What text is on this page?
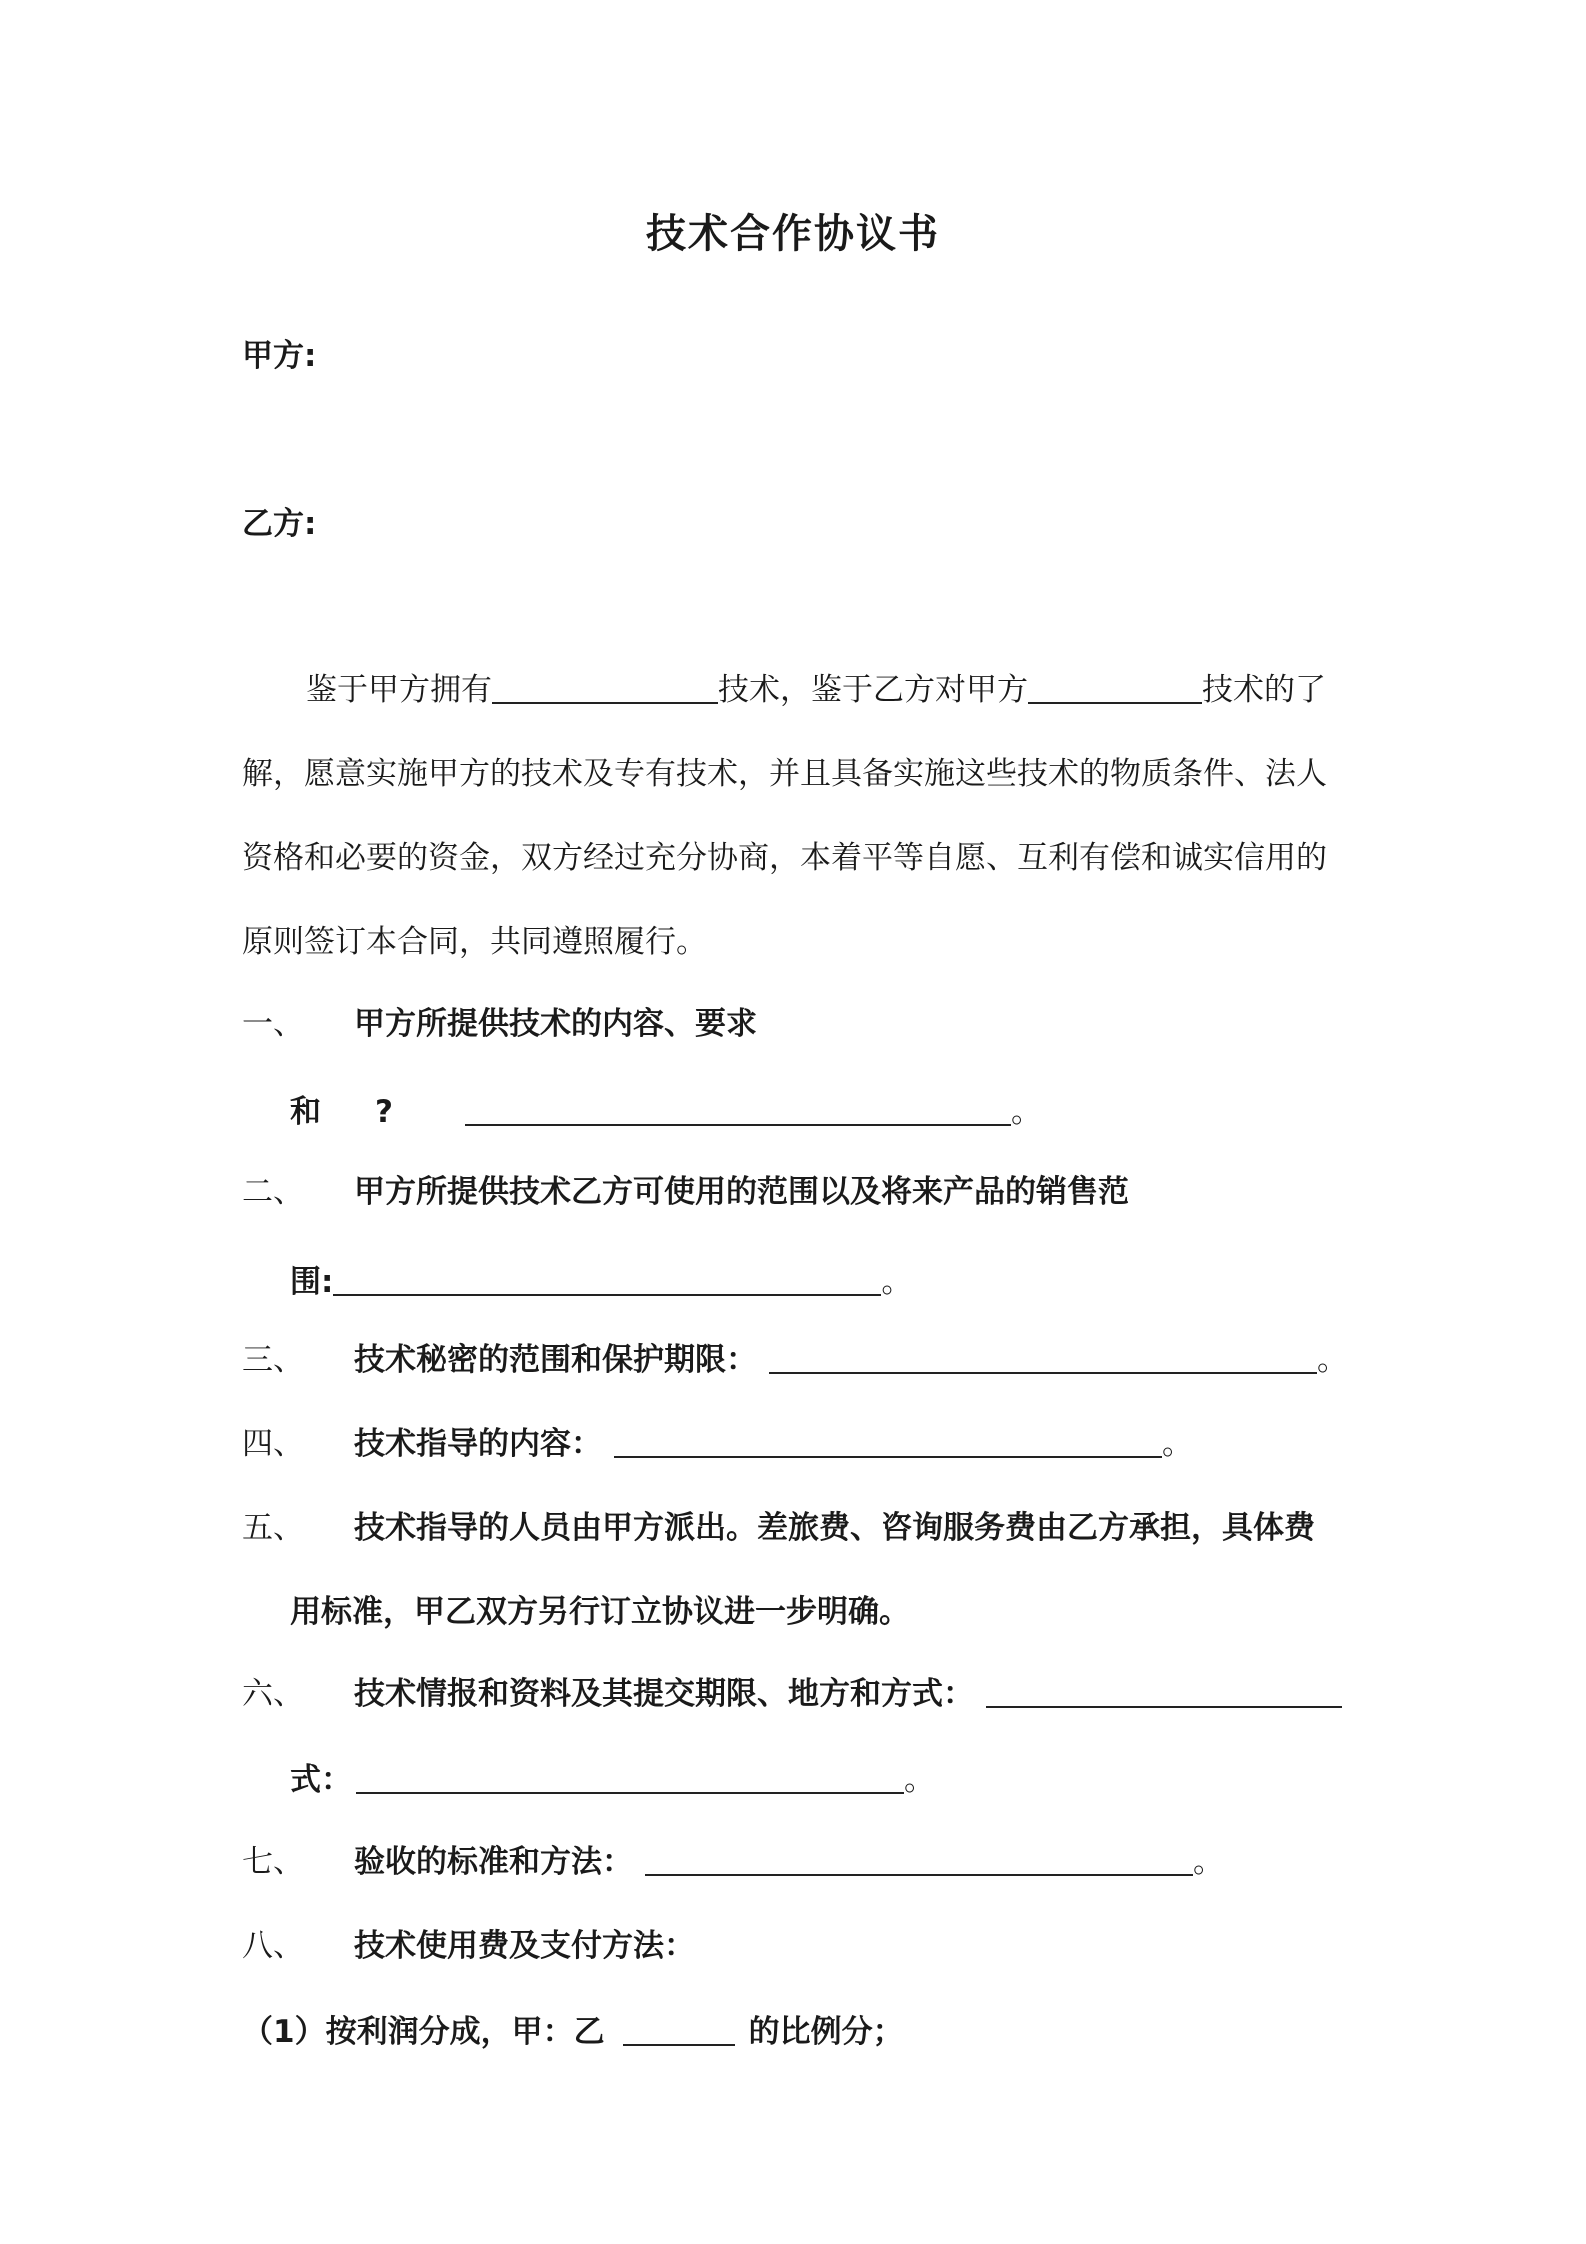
技术合作协议书
甲方:
乙方:
鉴于甲方拥有	技术，鉴于乙方对甲方	技术的了
解，愿意实施甲方的技术及专有技术，并且具备实施这些技术的物质条件、法人
资格和必要的资金，双方经过充分协商，本着平等自愿、互利有偿和诚实信用的
原则签订本合同，共同遵照履行。
一、 甲方所提供技术的内容、要求
和 ?	。
二、 甲方所提供技术乙方可使用的范围以及将来产品的销售范
围:	。
三、 技术秘密的范围和保护期限：	。
四、 技术指导的内容：	。
五、 技术指导的人员由甲方派出。差旅费、咨询服务费由乙方承担，具体费
用标准，甲乙双方另行订立协议进一步明确。
六、 技术情报和资料及其提交期限、地方和方式：
式：	。
七、 验收的标准和方法：	。
八、 技术使用费及支付方法：
（1）按利润分成，甲：乙	的比例分；
